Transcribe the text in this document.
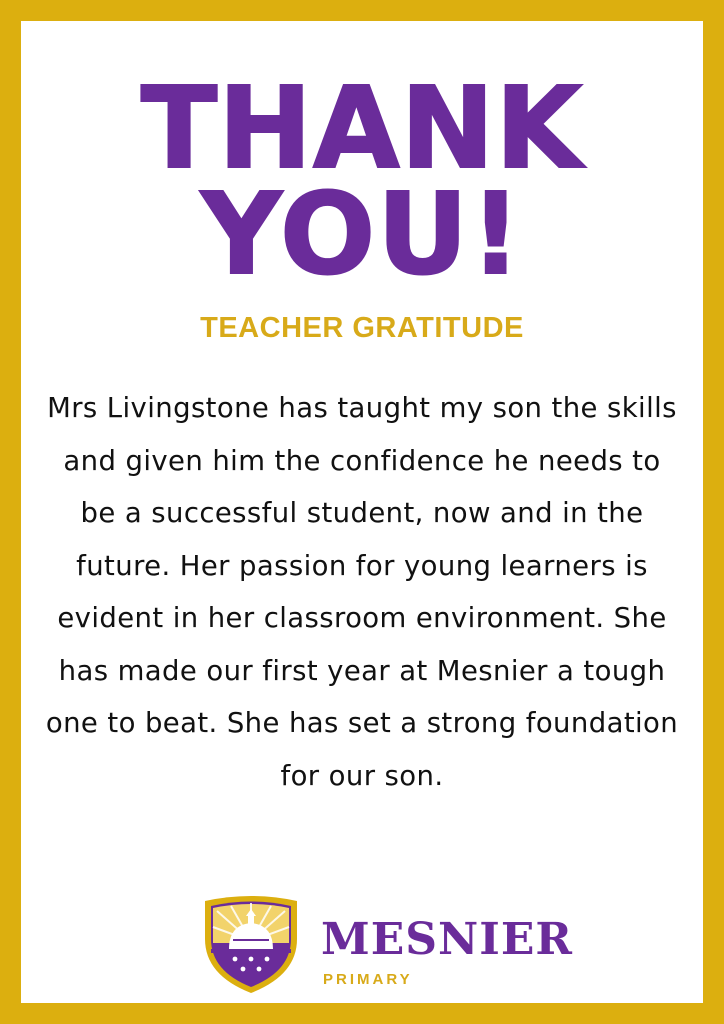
THANK
YOU!
TEACHER GRATITUDE
Mrs Livingstone has taught my son the skills and given him the confidence he needs to be a successful student, now and in the future. Her passion for young learners is evident in her classroom environment. She has made our first year at Mesnier a tough one to beat. She has set a strong foundation for our son.
MESNIER
PRIMARY
